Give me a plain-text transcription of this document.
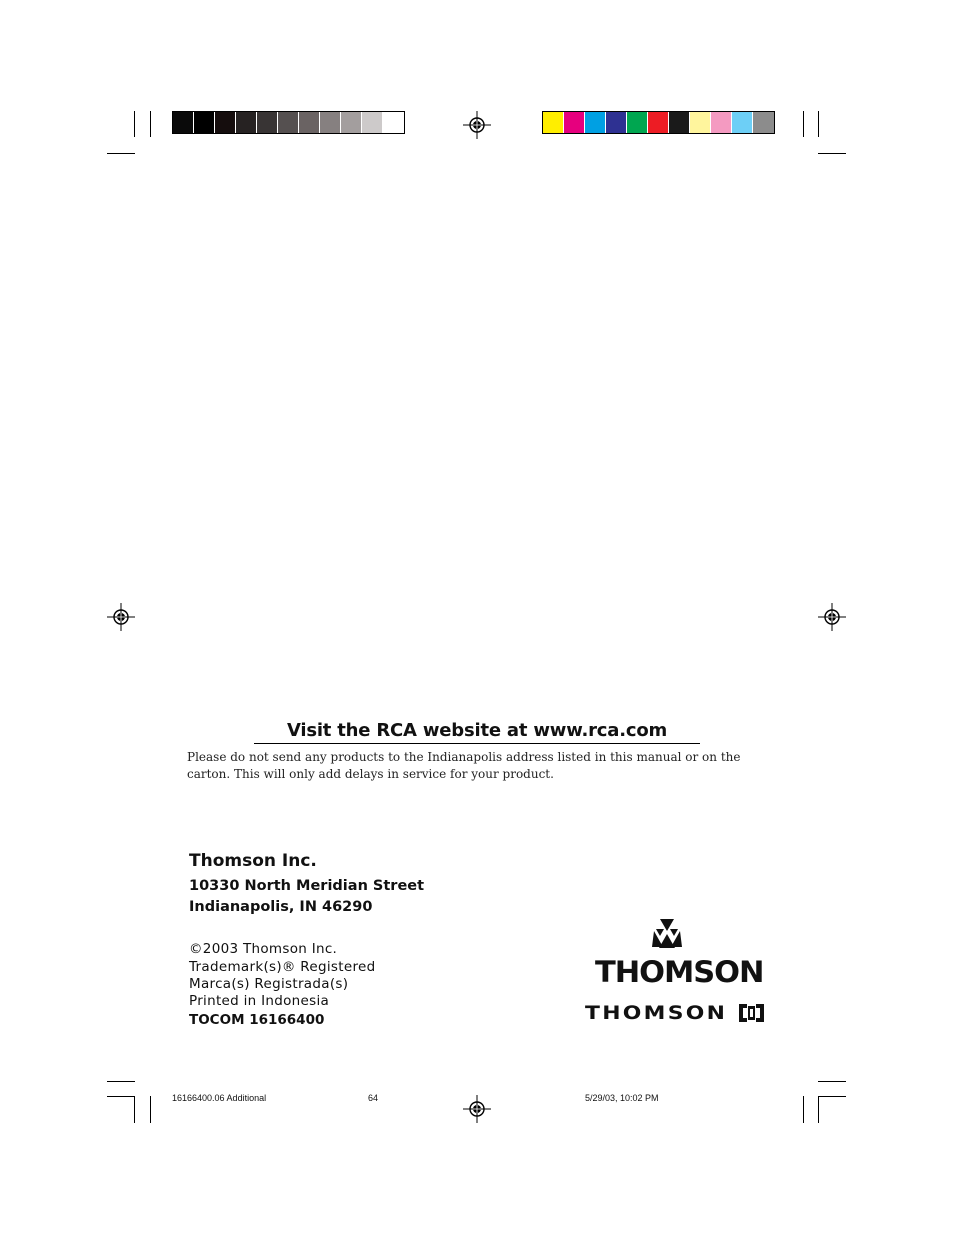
Visit the RCA website at www.rca.com
Please do not send any products to the Indianapolis address listed in this manual or on the carton. This will only add delays in service for your product.
Thomson Inc.
10330 North Meridian Street
Indianapolis, IN 46290
©2003 Thomson Inc.
Trademark(s)® Registered
Marca(s) Registrada(s)
Printed in Indonesia
TOCOM 16166400
THOMSON
THOMSON
16166400.06 Additional	64	5/29/03, 10:02 PM
